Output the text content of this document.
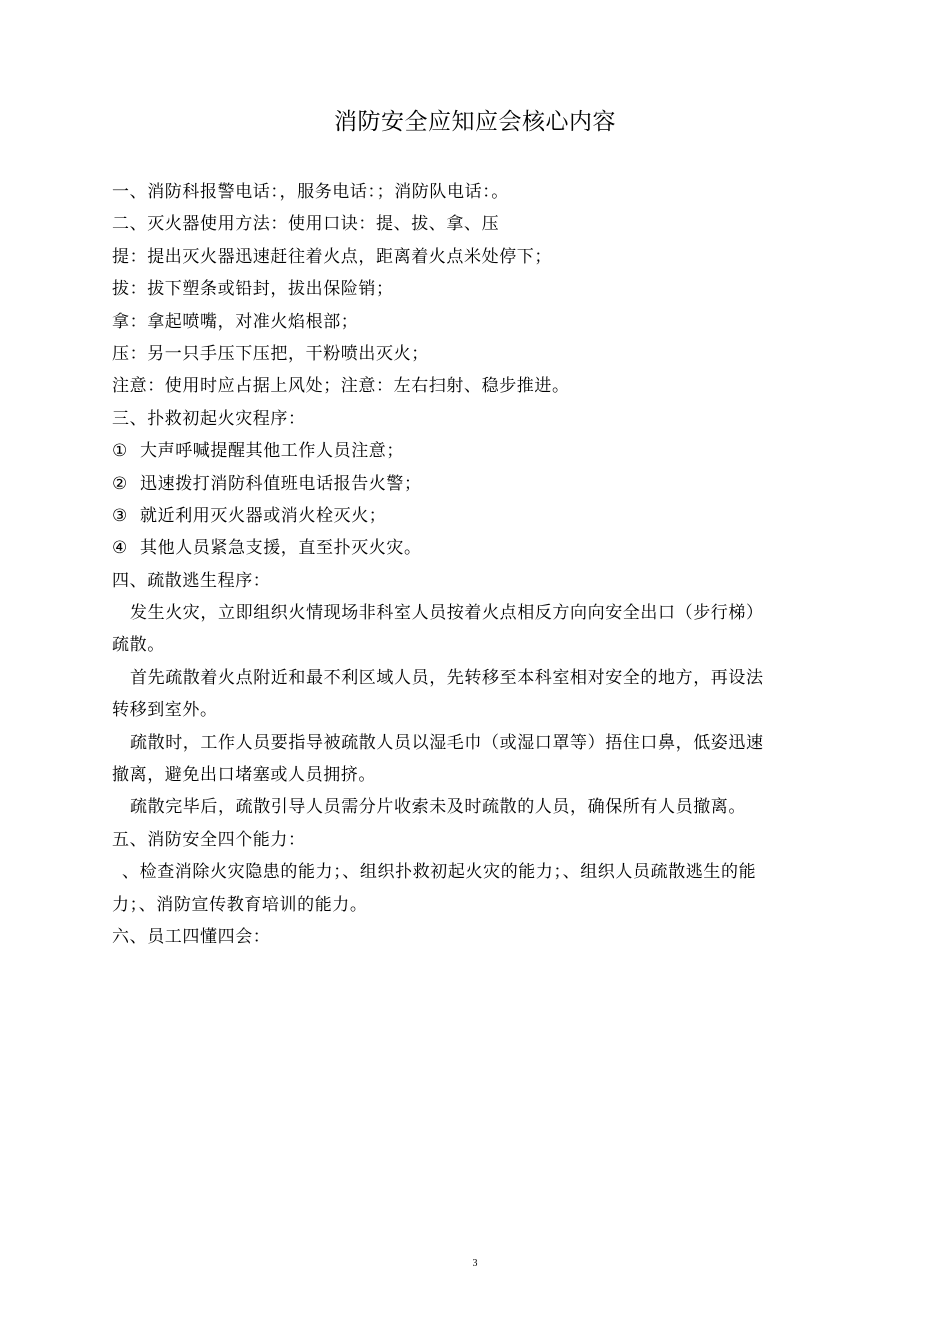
消防安全应知应会核心内容
一、消防科报警电话：，服务电话：；消防队电话：。
二、灭火器使用方法：使用口诀：提、拔、拿、压
提：提出灭火器迅速赶往着火点，距离着火点米处停下；
拔：拔下塑条或铅封，拔出保险销；
拿：拿起喷嘴，对准火焰根部；
压：另一只手压下压把，干粉喷出灭火；
注意：使用时应占据上风处；注意：左右扫射、稳步推进。
三、扑救初起火灾程序：
① 大声呼喊提醒其他工作人员注意；
② 迅速拨打消防科值班电话报告火警；
③ 就近利用灭火器或消火栓灭火；
④ 其他人员紧急支援，直至扑灭火灾。
四、疏散逃生程序：
发生火灾，立即组织火情现场非科室人员按着火点相反方向向安全出口（步行梯）
疏散。
首先疏散着火点附近和最不利区域人员，先转移至本科室相对安全的地方，再设法
转移到室外。
疏散时，工作人员要指导被疏散人员以湿毛巾（或湿口罩等）捂住口鼻，低姿迅速
撤离，避免出口堵塞或人员拥挤。
疏散完毕后，疏散引导人员需分片收索未及时疏散的人员，确保所有人员撤离。
五、消防安全四个能力：
、检查消除火灾隐患的能力；、组织扑救初起火灾的能力；、组织人员疏散逃生的能
力；、消防宣传教育培训的能力。
六、员工四懂四会：
3
